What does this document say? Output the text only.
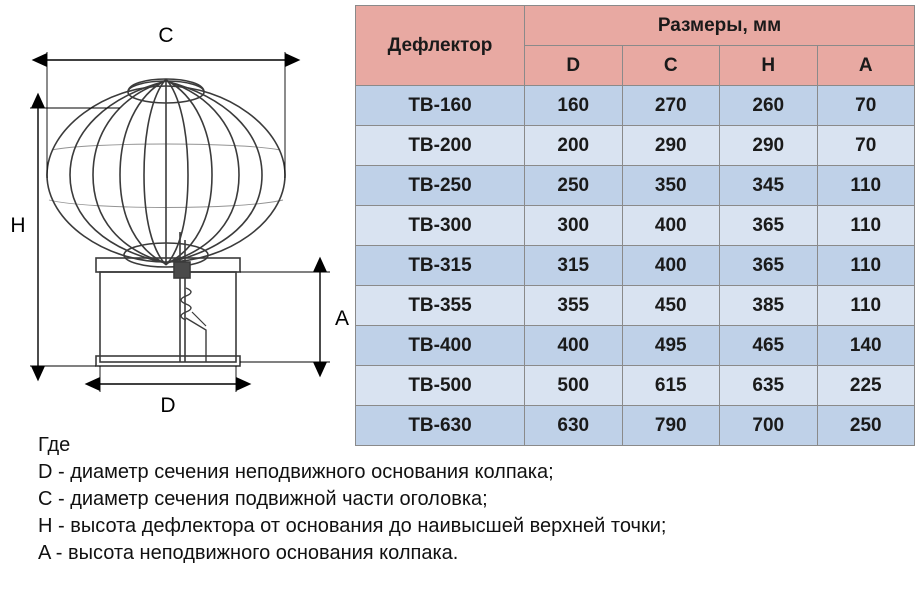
C
H
A
D
Дефлектор	Размеры, мм			
	D	C	H	A
ТВ-160	160	270	260	70
ТВ-200	200	290	290	70
ТВ-250	250	350	345	110
ТВ-300	300	400	365	110
ТВ-315	315	400	365	110
ТВ-355	355	450	385	110
ТВ-400	400	495	465	140
ТВ-500	500	615	635	225
ТВ-630	630	790	700	250
Где
D - диаметр сечения неподвижного основания колпака;
C - диаметр сечения подвижной части оголовка;
H - высота дефлектора от основания до наивысшей верхней точки;
A - высота неподвижного основания колпака.
